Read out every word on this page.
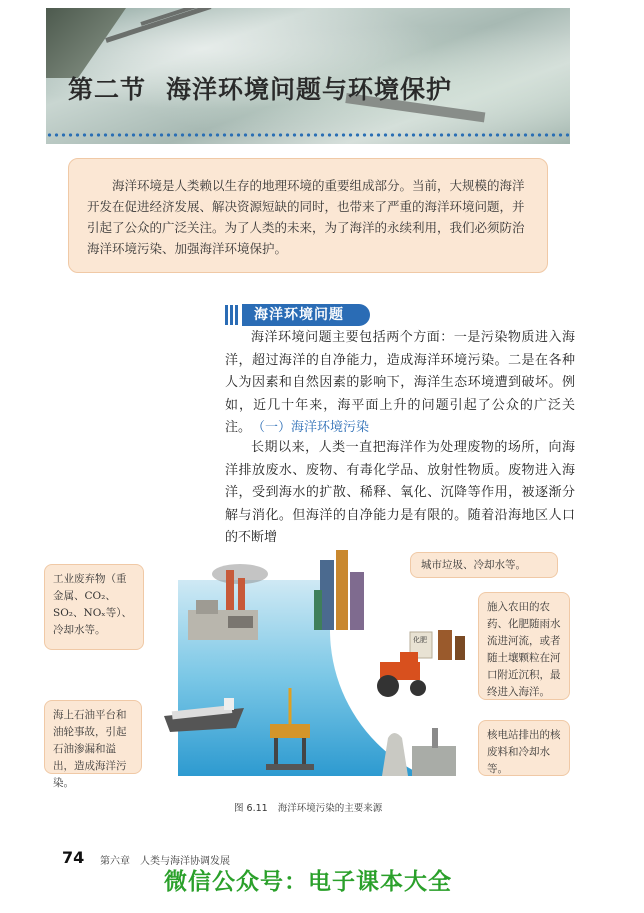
第二节 海洋环境问题与环境保护
海洋环境是人类赖以生存的地理环境的重要组成部分。当前，大规模的海洋开发在促进经济发展、解决资源短缺的同时，也带来了严重的海洋环境问题，并引起了公众的广泛关注。为了人类的未来，为了海洋的永续利用，我们必须防治海洋环境污染、加强海洋环境保护。
海洋环境问题
海洋环境问题主要包括两个方面：一是污染物质进入海洋，超过海洋的自净能力，造成海洋环境污染。二是在各种人为因素和自然因素的影响下，海洋生态环境遭到破坏。例如，近几十年来，海平面上升的问题引起了公众的广泛关注。 （一）海洋环境污染
长期以来，人类一直把海洋作为处理废物的场所，向海洋排放废水、废物、有毒化学品、放射性物质。废物进入海洋，受到海水的扩散、稀释、氧化、沉降等作用，被逐渐分解与消化。但海洋的自净能力是有限的。随着沿海地区人口的不断增
化肥
工业废弃物（重金属、CO₂、SO₂、NOₓ等）、冷却水等。
城市垃圾、冷却水等。
施入农田的农药、化肥随雨水流进河流，或者随土壤颗粒在河口附近沉积，最终进入海洋。
海上石油平台和油轮事故，引起石油渗漏和溢出，造成海洋污染。
核电站排出的核废料和冷却水等。
图 6.11 海洋环境污染的主要来源
74 第六章　人类与海洋协调发展
微信公众号：电子课本大全
